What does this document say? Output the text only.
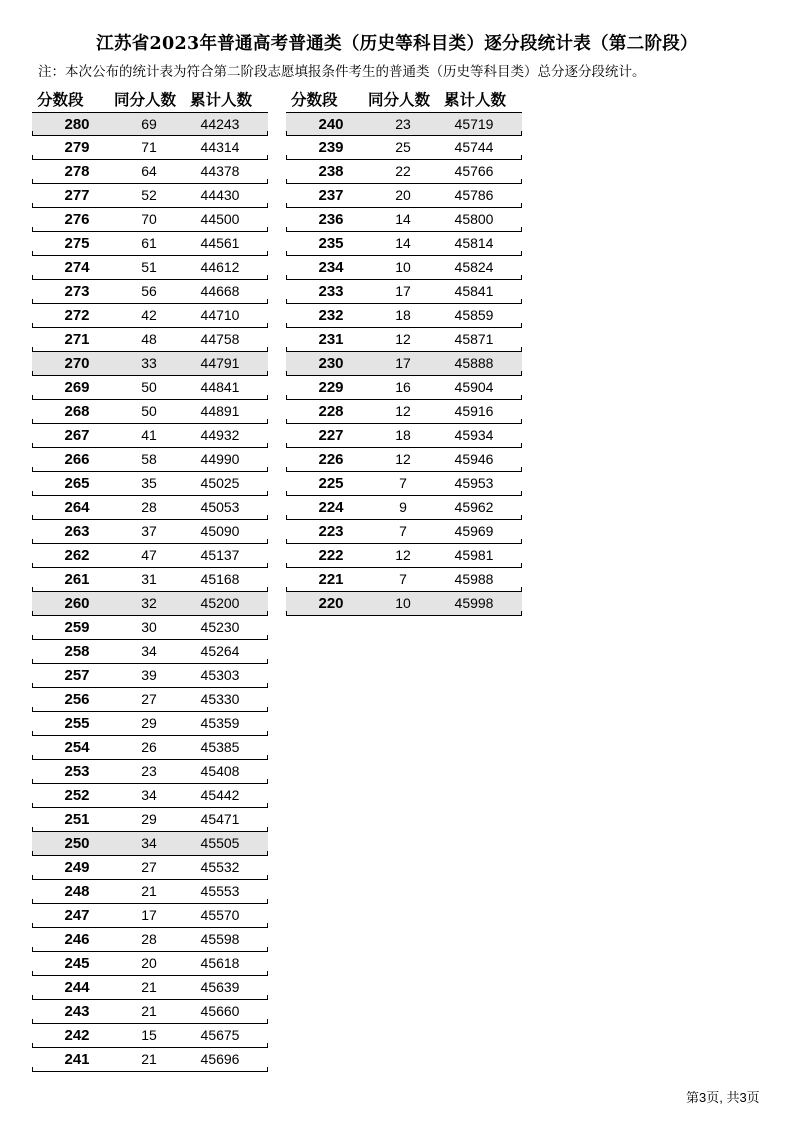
江苏省2023年普通高考普通类（历史等科目类）逐分段统计表（第二阶段）
注：本次公布的统计表为符合第二阶段志愿填报条件考生的普通类（历史等科目类）总分逐分段统计。
分数段 同分人数 累计人数
280	69	44243
279	71	44314
278	64	44378
277	52	44430
276	70	44500
275	61	44561
274	51	44612
273	56	44668
272	42	44710
271	48	44758
270	33	44791
269	50	44841
268	50	44891
267	41	44932
266	58	44990
265	35	45025
264	28	45053
263	37	45090
262	47	45137
261	31	45168
260	32	45200
259	30	45230
258	34	45264
257	39	45303
256	27	45330
255	29	45359
254	26	45385
253	23	45408
252	34	45442
251	29	45471
250	34	45505
249	27	45532
248	21	45553
247	17	45570
246	28	45598
245	20	45618
244	21	45639
243	21	45660
242	15	45675
241	21	45696
分数段 同分人数 累计人数
240	23	45719
239	25	45744
238	22	45766
237	20	45786
236	14	45800
235	14	45814
234	10	45824
233	17	45841
232	18	45859
231	12	45871
230	17	45888
229	16	45904
228	12	45916
227	18	45934
226	12	45946
225	7	45953
224	9	45962
223	7	45969
222	12	45981
221	7	45988
220	10	45998
第3页, 共3页
